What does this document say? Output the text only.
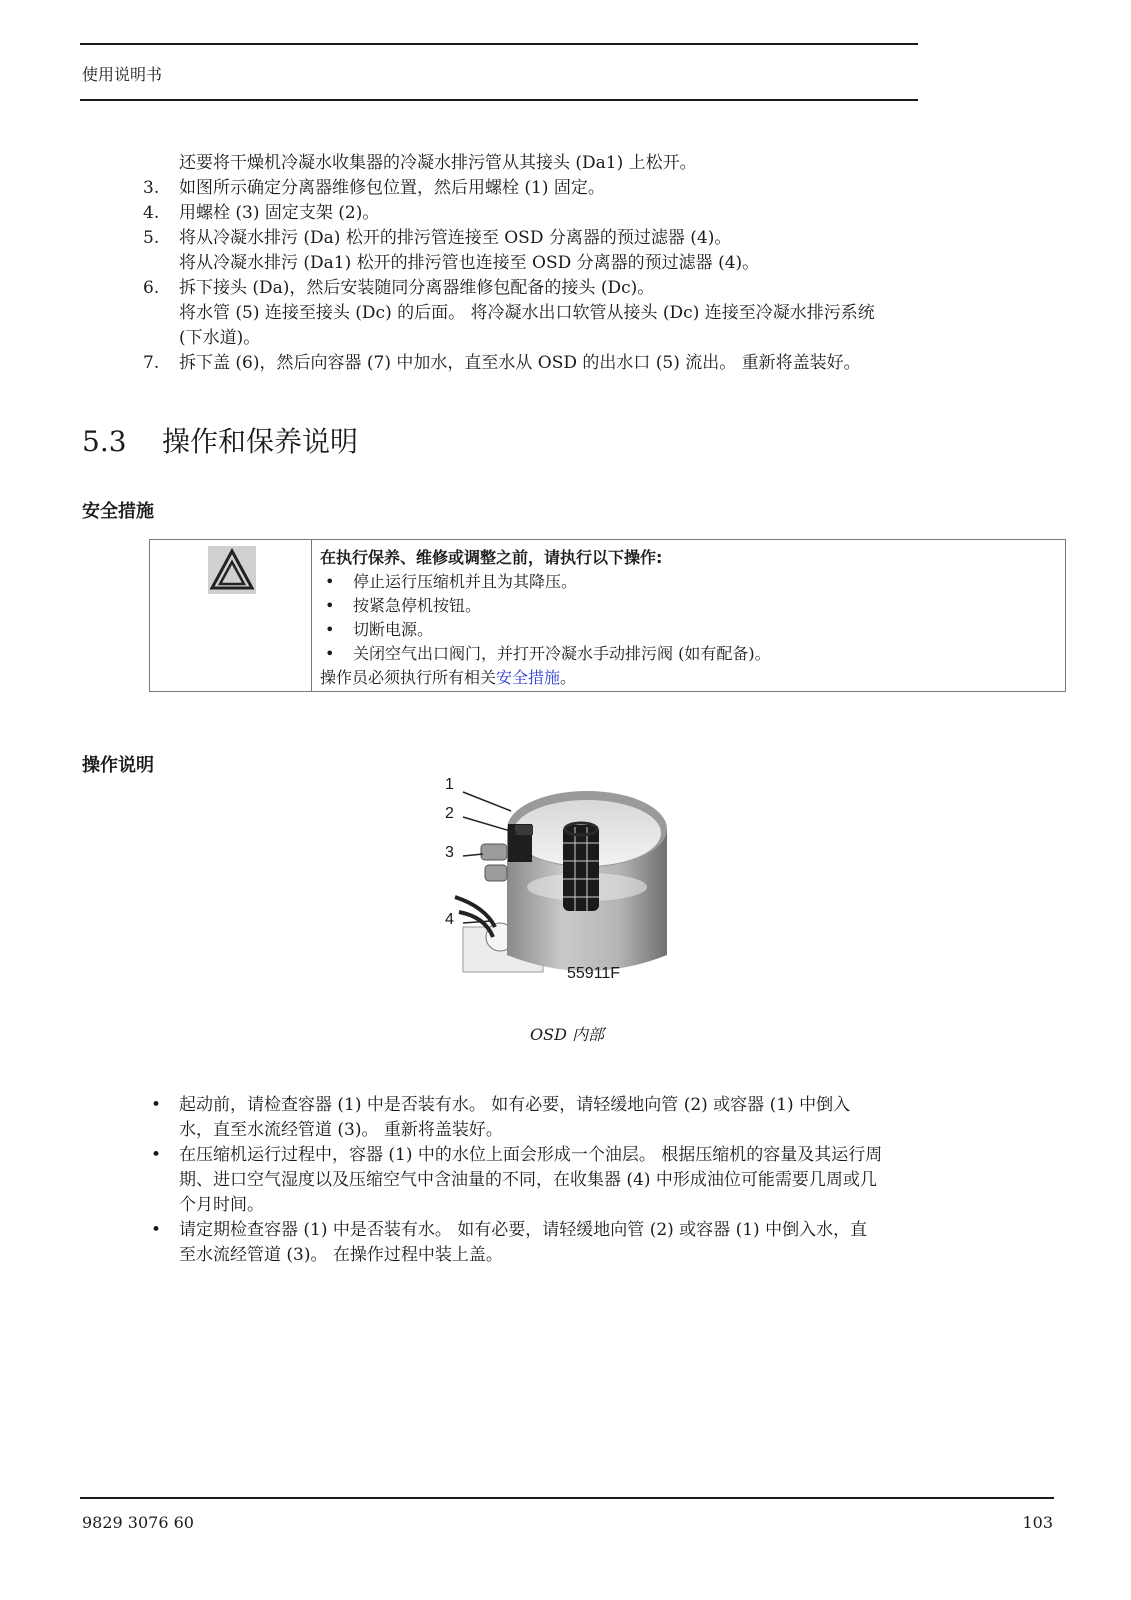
使用说明书
还要将干燥机冷凝水收集器的冷凝水排污管从其接头 (Da1) 上松开。
3. 如图所示确定分离器维修包位置，然后用螺栓 (1) 固定。
4. 用螺栓 (3) 固定支架 (2)。
5. 将从冷凝水排污 (Da) 松开的排污管连接至 OSD 分离器的预过滤器 (4)。
将从冷凝水排污 (Da1) 松开的排污管也连接至 OSD 分离器的预过滤器 (4)。
6. 拆下接头 (Da)，然后安装随同分离器维修包配备的接头 (Dc)。
将水管 (5) 连接至接头 (Dc) 的后面。 将冷凝水出口软管从接头 (Dc) 连接至冷凝水排污系统
(下水道)。
7. 拆下盖 (6)，然后向容器 (7) 中加水，直至水从 OSD 的出水口 (5) 流出。 重新将盖装好。
5.3 操作和保养说明
安全措施
在执行保养、维修或调整之前，请执行以下操作:
• 停止运行压缩机并且为其降压。
• 按紧急停机按钮。
• 切断电源。
• 关闭空气出口阀门，并打开冷凝水手动排污阀 (如有配备)。
操作员必须执行所有相关安全措施。
操作说明
1
2
3
4
55911F
OSD 内部
• 起动前，请检查容器 (1) 中是否装有水。 如有必要，请轻缓地向管 (2) 或容器 (1) 中倒入
水，直至水流经管道 (3)。 重新将盖装好。
• 在压缩机运行过程中，容器 (1) 中的水位上面会形成一个油层。 根据压缩机的容量及其运行周
期、进口空气湿度以及压缩空气中含油量的不同，在收集器 (4) 中形成油位可能需要几周或几
个月时间。
• 请定期检查容器 (1) 中是否装有水。 如有必要，请轻缓地向管 (2) 或容器 (1) 中倒入水，直
至水流经管道 (3)。 在操作过程中装上盖。
9829 3076 60	103
